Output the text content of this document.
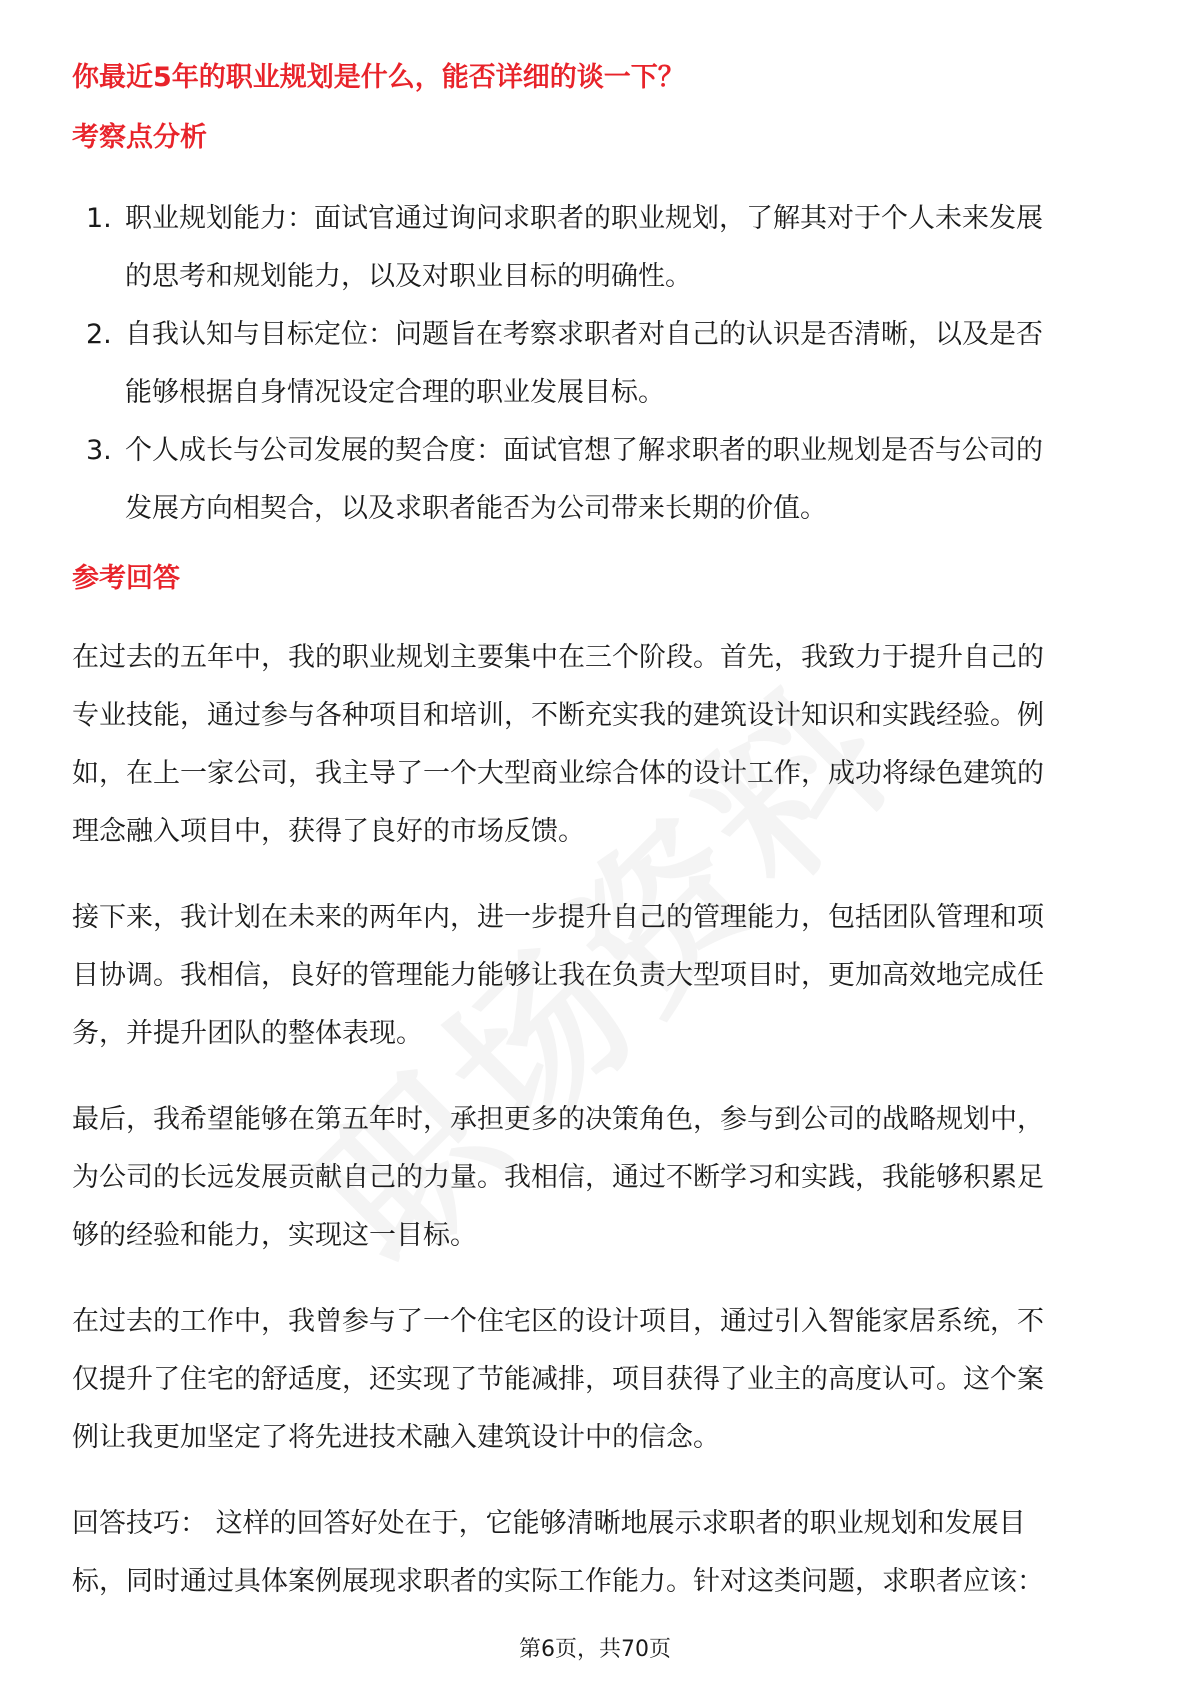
你最近5年的职业规划是什么，能否详细的谈一下？
考察点分析
1. 职业规划能力：面试官通过询问求职者的职业规划，了解其对于个人未来发展
的思考和规划能力，以及对职业目标的明确性。
2. 自我认知与目标定位：问题旨在考察求职者对自己的认识是否清晰，以及是否
能够根据自身情况设定合理的职业发展目标。
3. 个人成长与公司发展的契合度：面试官想了解求职者的职业规划是否与公司的
发展方向相契合，以及求职者能否为公司带来长期的价值。
参考回答

在过去的五年中，我的职业规划主要集中在三个阶段。首先，我致力于提升自己的
专业技能，通过参与各种项目和培训，不断充实我的建筑设计知识和实践经验。例
如，在上一家公司，我主导了一个大型商业综合体的设计工作，成功将绿色建筑的
理念融入项目中，获得了良好的市场反馈。

接下来，我计划在未来的两年内，进一步提升自己的管理能力，包括团队管理和项
目协调。我相信，良好的管理能力能够让我在负责大型项目时，更加高效地完成任
务，并提升团队的整体表现。

最后，我希望能够在第五年时，承担更多的决策角色，参与到公司的战略规划中，
为公司的长远发展贡献自己的力量。我相信，通过不断学习和实践，我能够积累足
够的经验和能力，实现这一目标。

在过去的工作中，我曾参与了一个住宅区的设计项目，通过引入智能家居系统，不
仅提升了住宅的舒适度，还实现了节能减排，项目获得了业主的高度认可。这个案
例让我更加坚定了将先进技术融入建筑设计中的信念。

回答技巧： 这样的回答好处在于，它能够清晰地展示求职者的职业规划和发展目
标，同时通过具体案例展现求职者的实际工作能力。针对这类问题，求职者应该：

第6页，共70页
